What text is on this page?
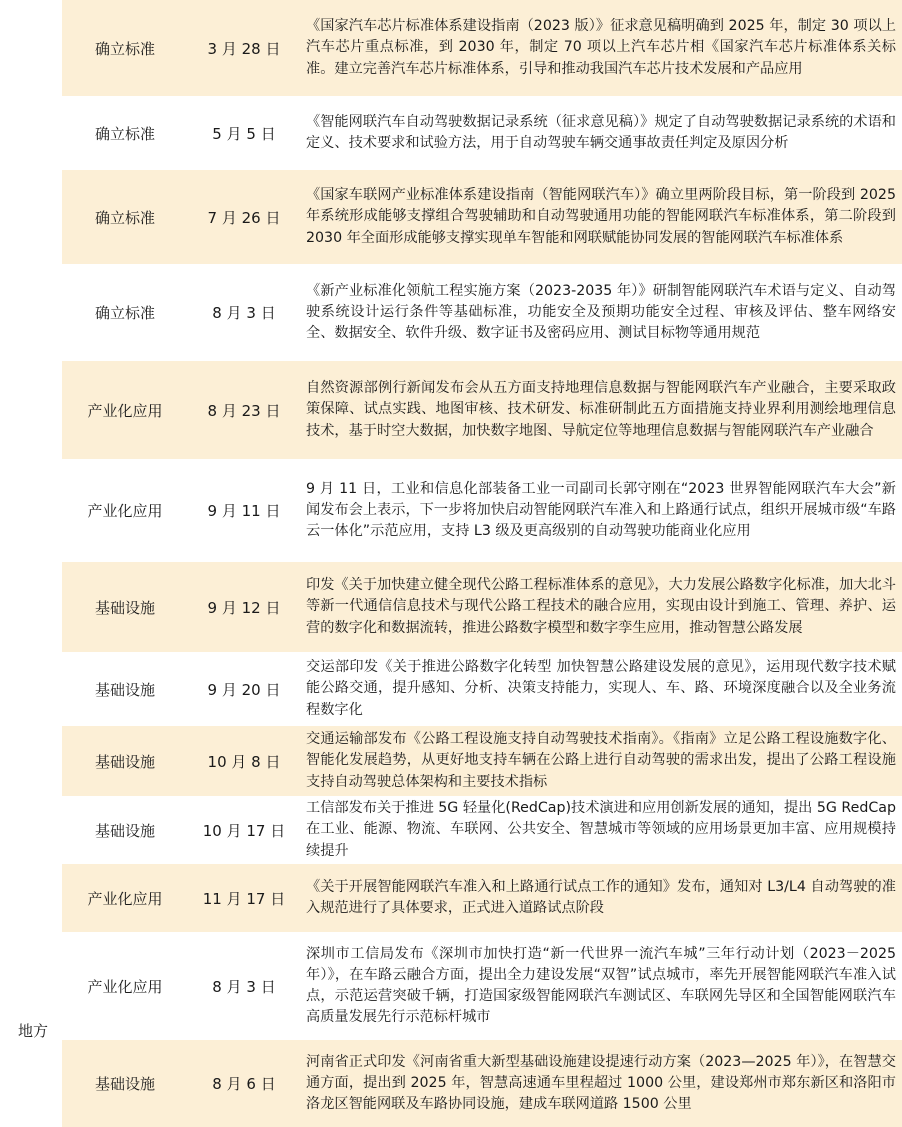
确立标准	3 月 28 日
《国家汽车芯片标准体系建设指南（2023 版）》征求意见稿明确到 2025 年，制定 30 项以上汽车芯片重点标准，到 2030 年，制定 70 项以上汽车芯片相《国家汽车芯片标准体系关标准。建立完善汽车芯片标准体系，引导和推动我国汽车芯片技术发展和产品应用
确立标准	5 月 5 日
《智能网联汽车自动驾驶数据记录系统（征求意见稿）》规定了自动驾驶数据记录系统的术语和定义、技术要求和试验方法，用于自动驾驶车辆交通事故责任判定及原因分析
确立标准	7 月 26 日
《国家车联网产业标准体系建设指南（智能网联汽车）》确立里两阶段目标，第一阶段到 2025 年系统形成能够支撑组合驾驶辅助和自动驾驶通用功能的智能网联汽车标准体系，第二阶段到 2030 年全面形成能够支撑实现单车智能和网联赋能协同发展的智能网联汽车标准体系
确立标准	8 月 3 日
《新产业标准化领航工程实施方案（2023-2035 年）》研制智能网联汽车术语与定义、自动驾驶系统设计运行条件等基础标准，功能安全及预期功能安全过程、审核及评估、整车网络安全、数据安全、软件升级、数字证书及密码应用、测试目标物等通用规范
产业化应用	8 月 23 日
自然资源部例行新闻发布会从五方面支持地理信息数据与智能网联汽车产业融合，主要采取政策保障、试点实践、地图审核、技术研发、标准研制此五方面措施支持业界利用测绘地理信息技术，基于时空大数据，加快数字地图、导航定位等地理信息数据与智能网联汽车产业融合
产业化应用	9 月 11 日
9 月 11 日，工业和信息化部装备工业一司副司长郭守刚在“2023 世界智能网联汽车大会”新闻发布会上表示，下一步将加快启动智能网联汽车准入和上路通行试点，组织开展城市级“车路云一体化”示范应用，支持 L3 级及更高级别的自动驾驶功能商业化应用
基础设施	9 月 12 日
印发《关于加快建立健全现代公路工程标准体系的意见》，大力发展公路数字化标准，加大北斗等新一代通信信息技术与现代公路工程技术的融合应用，实现由设计到施工、管理、养护、运营的数字化和数据流转，推进公路数字模型和数字孪生应用，推动智慧公路发展
基础设施	9 月 20 日
交运部印发《关于推进公路数字化转型 加快智慧公路建设发展的意见》，运用现代数字技术赋能公路交通，提升感知、分析、决策支持能力，实现人、车、路、环境深度融合以及全业务流程数字化
基础设施	10 月 8 日
交通运输部发布《公路工程设施支持自动驾驶技术指南》。《指南》立足公路工程设施数字化、智能化发展趋势，从更好地支持车辆在公路上进行自动驾驶的需求出发，提出了公路工程设施支持自动驾驶总体架构和主要技术指标
基础设施	10 月 17 日
工信部发布关于推进 5G 轻量化(RedCap)技术演进和应用创新发展的通知，提出 5G RedCap 在工业、能源、物流、车联网、公共安全、智慧城市等领域的应用场景更加丰富、应用规模持续提升
产业化应用	11 月 17 日
《关于开展智能网联汽车准入和上路通行试点工作的通知》发布，通知对 L3/L4 自动驾驶的准入规范进行了具体要求，正式进入道路试点阶段
产业化应用	8 月 3 日
深圳市工信局发布《深圳市加快打造“新一代世界一流汽车城”三年行动计划（2023－2025 年）》，在车路云融合方面，提出全力建设发展“双智”试点城市，率先开展智能网联汽车准入试点，示范运营突破千辆，打造国家级智能网联汽车测试区、车联网先导区和全国智能网联汽车高质量发展先行示范标杆城市
基础设施	8 月 6 日
河南省正式印发《河南省重大新型基础设施建设提速行动方案（2023—2025 年）》，在智慧交通方面，提出到 2025 年，智慧高速通车里程超过 1000 公里，建设郑州市郑东新区和洛阳市洛龙区智能网联及车路协同设施，建成车联网道路 1500 公里
地方
